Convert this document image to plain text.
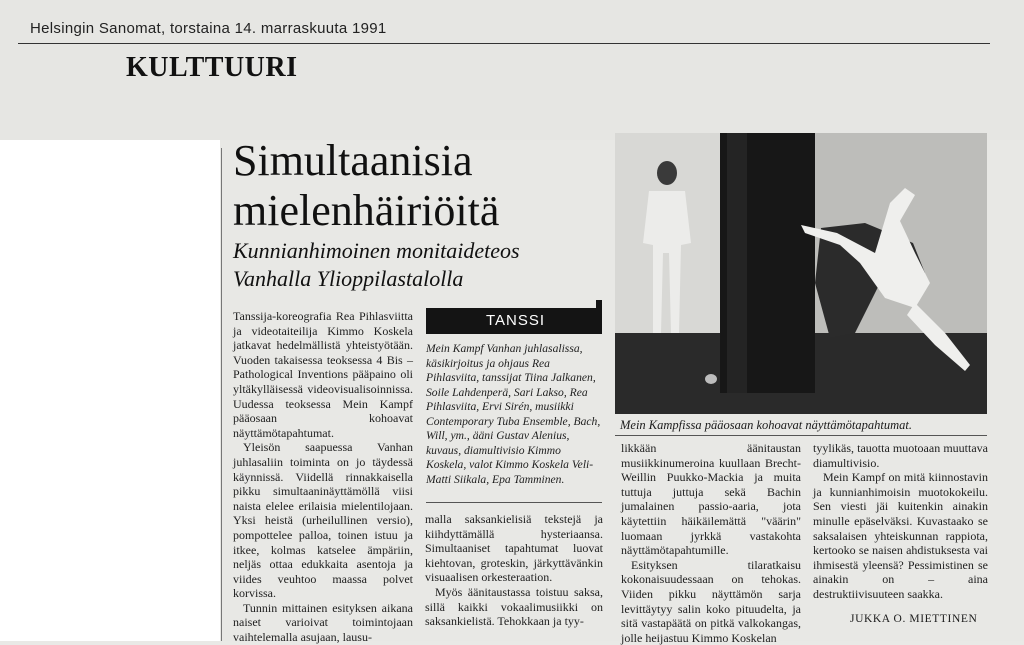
Helsingin Sanomat, torstaina 14. marraskuuta 1991
KULTTUURI
Simultaanisia
mielenhäiriöitä
Kunnianhimoinen monitaideteos
Vanhalla Ylioppilastalolla

Tanssija-koreografia Rea Pihlasviitta ja videotaiteilija Kimmo Koskela jatkavat hedelmällistä yhteistyötään. Vuoden takaisessa teoksessa 4 Bis – Pathological Inventions pääpaino oli yltäkylläisessä videovisualisoinnissa. Uudessa teoksessa Mein Kampf pääosaan kohoavat näyttämötapahtumat.

Yleisön saapuessa Vanhan juhlasaliin toiminta on jo täydessä käynnissä. Viidellä rinnakkaisella pikku simultaaninäyttämöllä viisi naista elelee erilaisia mielentilojaan. Yksi heistä (urheilullinen versio), pompottelee palloa, toinen istuu ja itkee, kolmas katselee ämpäriin, neljäs ottaa edukkaita asentoja ja viides veuhtoo maassa polvet korvissa.

Tunnin mittainen esityksen aikana naiset varioivat toimintojaan vaihtelemalla asujaan, lausu-

TANSSI
Mein Kampf Vanhan juhlasalissa, käsikirjoitus ja ohjaus Rea Pihlasviita, tanssijat Tiina Jalkanen, Soile Lahdenperä, Sari Lakso, Rea Pihlasviita, Ervi Sirén, musiikki Contemporary Tuba Ensemble, Bach, Will, ym., ääni Gustav Alenius, kuvaus, diamultivisio Kimmo Koskela, valot Kimmo Koskela Veli-Matti Siikala, Epa Tamminen.

malla saksankielisiä tekstejä ja kiihdyttämällä hysteriaansa. Simultaaniset tapahtumat luovat kiehtovan, groteskin, järkyttävänkin visuaalisen orkesteraation.

Myös äänitaustassa toistuu saksa, sillä kaikki vokaalimusiikki on saksankielistä. Tehokkaan ja tyy-

Mein Kampfissa pääosaan kohoavat näyttämötapahtumat.

likkään äänitaustan musiikkinumeroina kuullaan Brecht-Weillin Puukko-Mackia ja muita tuttuja juttuja sekä Bachin jumalainen passio-aaria, jota käytettiin häikäilemättä "väärin" luomaan jyrkkä vastakohta näyttämötapahtumille.

Esityksen tilaratkaisu kokonaisuudessaan on tehokas. Viiden pikku näyttämön sarja levittäytyy salin koko pituudelta, ja sitä vastapäätä on pitkä valkokangas, jolle heijastuu Kimmo Koskelan

tyylikäs, tauotta muotoaan muuttava diamultivisio.

Mein Kampf on mitä kiinnostavin ja kunnianhimoisin muotokokeilu. Sen viesti jäi kuitenkin ainakin minulle epäselväksi. Kuvastaako se saksalaisen yhteiskunnan rappiota, kertooko se naisen ahdistuksesta vai ihmisestä yleensä? Pessimistinen se ainakin on – aina destruktiivisuuteen saakka.

JUKKA O. MIETTINEN
